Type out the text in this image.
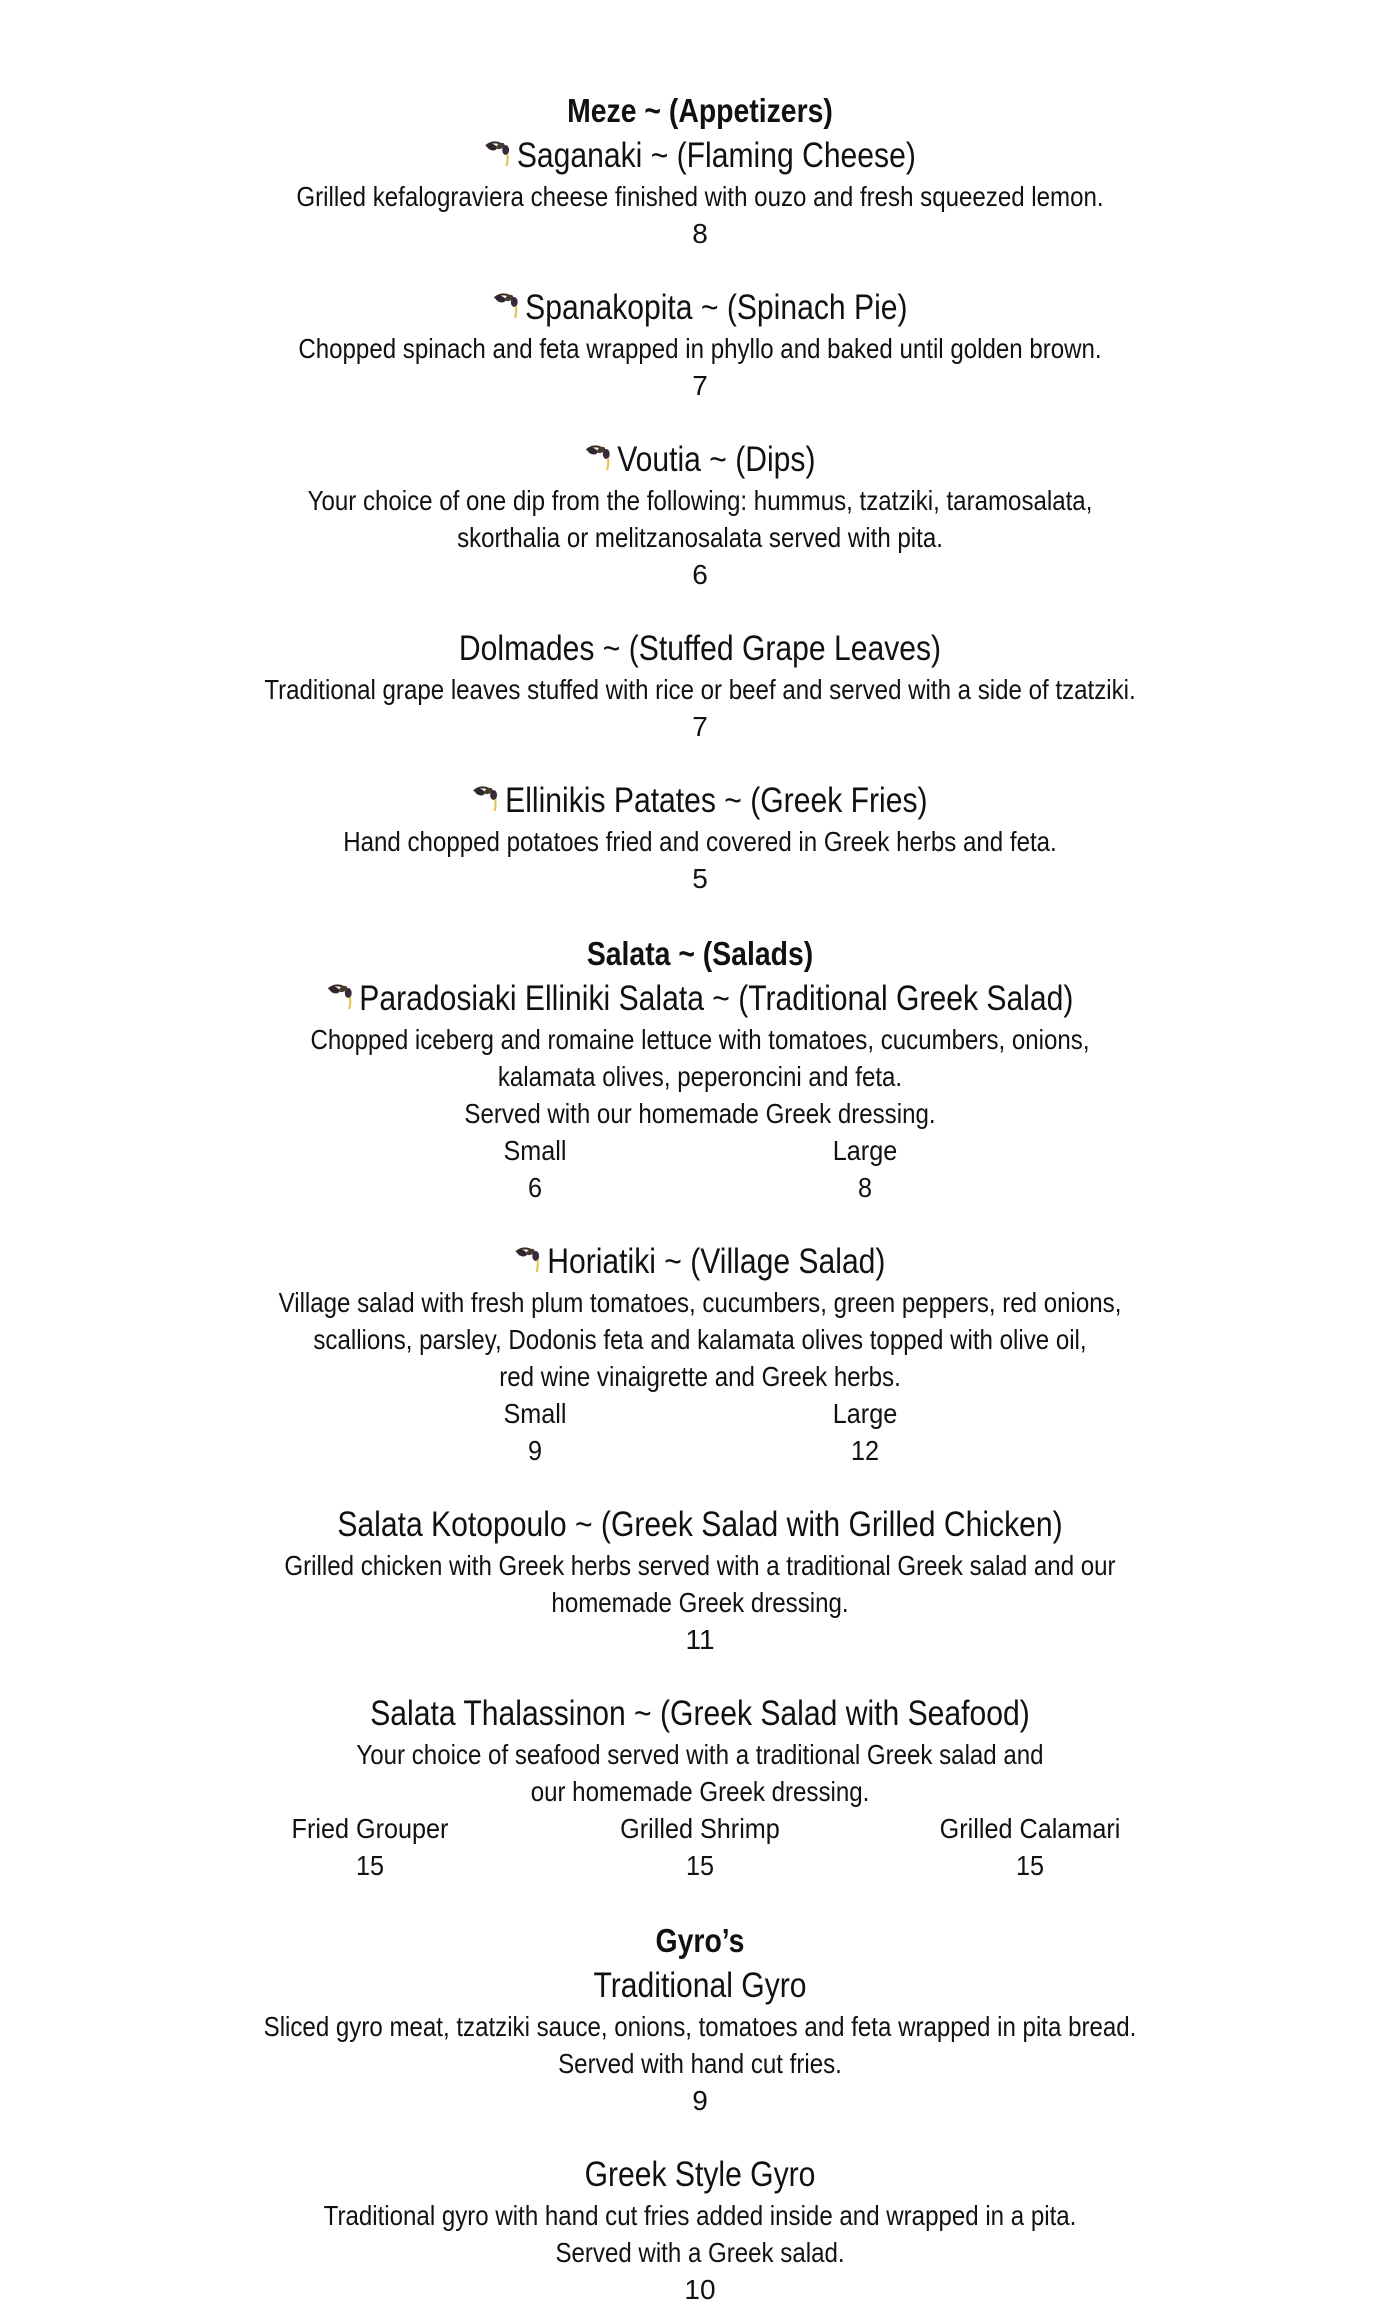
Meze ~ (Appetizers)
Saganaki ~ (Flaming Cheese)
Grilled kefalograviera cheese finished with ouzo and fresh squeezed lemon.
8
Spanakopita ~ (Spinach Pie)
Chopped spinach and feta wrapped in phyllo and baked until golden brown.
7
Voutia ~ (Dips)
Your choice of one dip from the following: hummus, tzatziki, taramosalata,
skorthalia or melitzanosalata served with pita.
6
Dolmades ~ (Stuffed Grape Leaves)
Traditional grape leaves stuffed with rice or beef and served with a side of tzatziki.
7
Ellinikis Patates ~ (Greek Fries)
Hand chopped potatoes fried and covered in Greek herbs and feta.
5
Salata ~ (Salads)
Paradosiaki Elliniki Salata ~ (Traditional Greek Salad)
Chopped iceberg and romaine lettuce with tomatoes, cucumbers, onions,
kalamata olives, peperoncini and feta.
Served with our homemade Greek dressing.
Small	Large
6	8
Horiatiki ~ (Village Salad)
Village salad with fresh plum tomatoes, cucumbers, green peppers, red onions,
scallions, parsley, Dodonis feta and kalamata olives topped with olive oil,
red wine vinaigrette and Greek herbs.
Small	Large
9	12
Salata Kotopoulo ~ (Greek Salad with Grilled Chicken)
Grilled chicken with Greek herbs served with a traditional Greek salad and our
homemade Greek dressing.
11
Salata Thalassinon ~ (Greek Salad with Seafood)
Your choice of seafood served with a traditional Greek salad and
our homemade Greek dressing.
Fried Grouper	Grilled Shrimp	Grilled Calamari
15	15	15
Gyro’s
Traditional Gyro
Sliced gyro meat, tzatziki sauce, onions, tomatoes and feta wrapped in pita bread.
Served with hand cut fries.
9
Greek Style Gyro
Traditional gyro with hand cut fries added inside and wrapped in a pita.
Served with a Greek salad.
10
